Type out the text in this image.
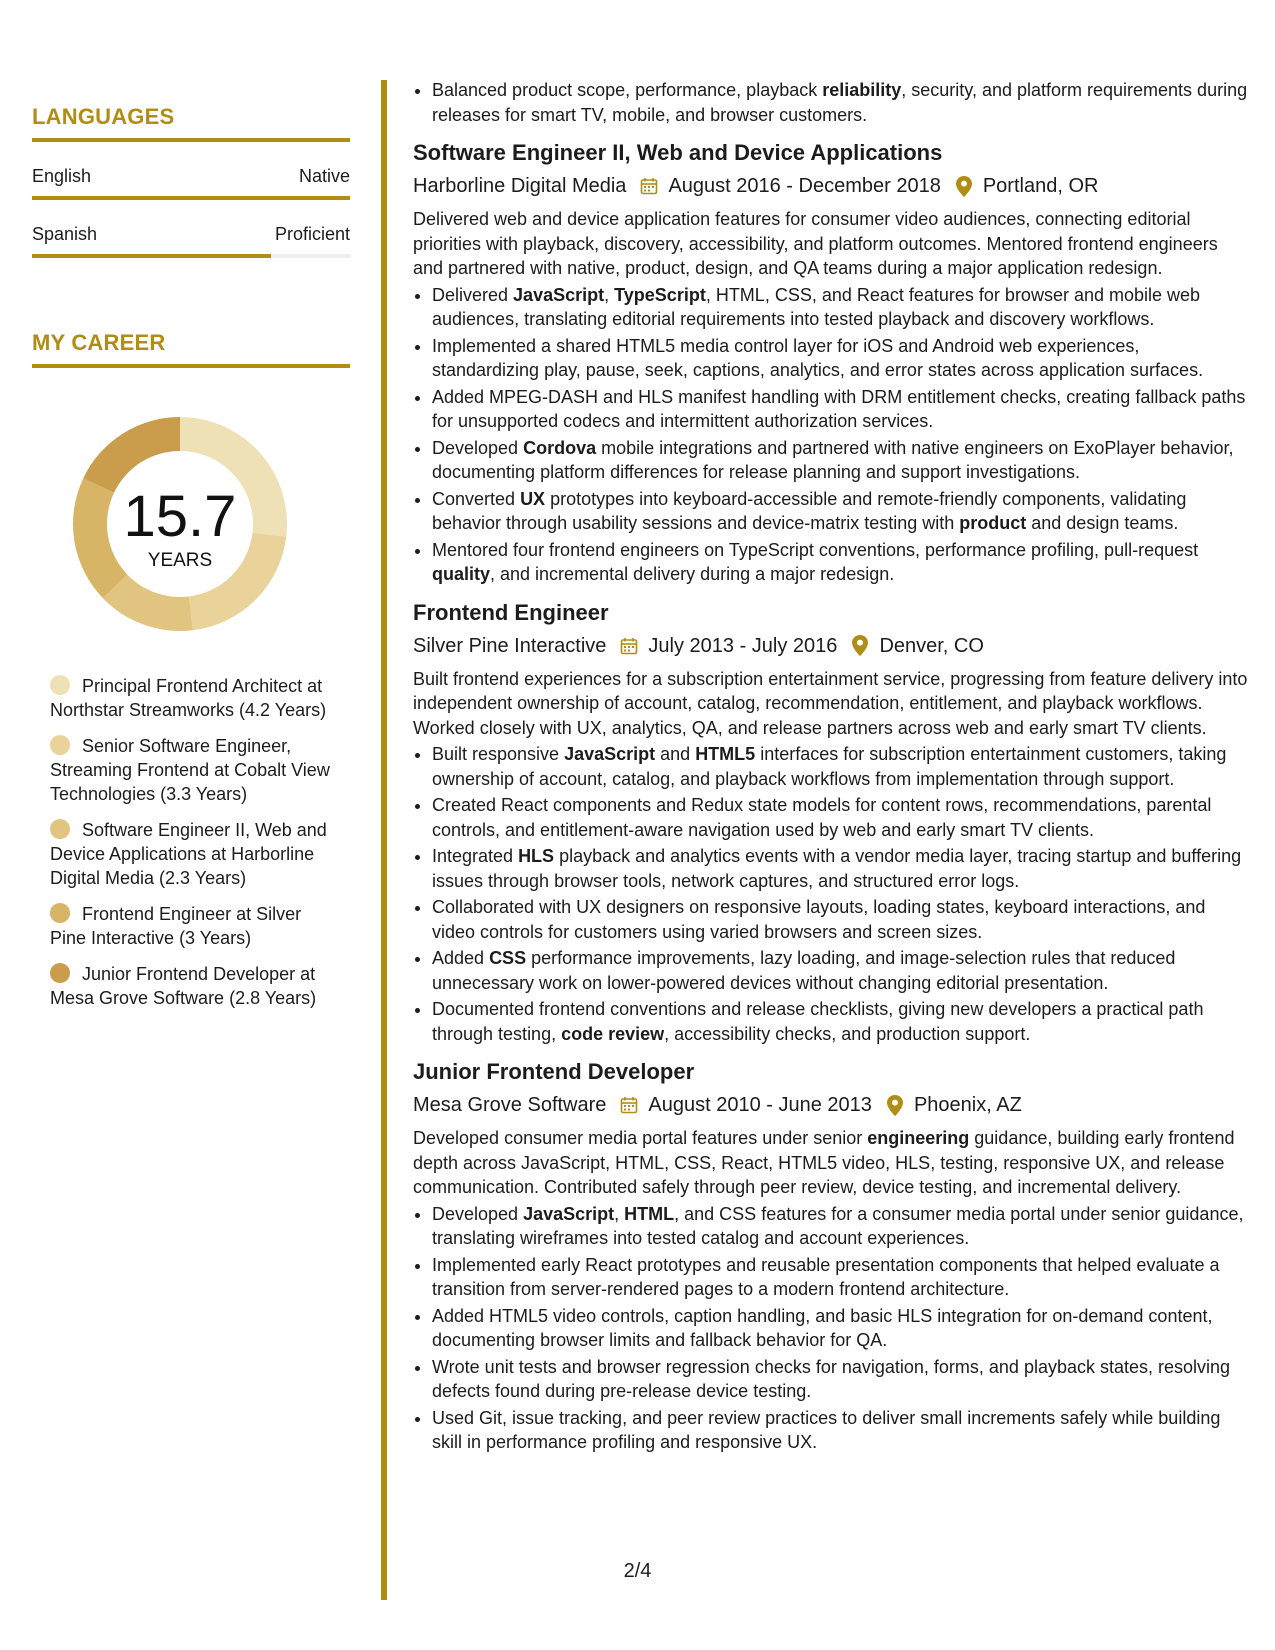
LANGUAGES
English	Native
Spanish	Proficient
MY CAREER
15.7
YEARS
Principal Frontend Architect at Northstar Streamworks (4.2 Years)
Senior Software Engineer, Streaming Frontend at Cobalt View Technologies (3.3 Years)
Software Engineer II, Web and Device Applications at Harborline Digital Media (2.3 Years)
Frontend Engineer at Silver Pine Interactive (3 Years)
Junior Frontend Developer at Mesa Grove Software (2.8 Years)
• Balanced product scope, performance, playback reliability, security, and platform requirements during releases for smart TV, mobile, and browser customers.
Software Engineer II, Web and Device Applications
Harborline Digital Media August 2016 - December 2018 Portland, OR

Delivered web and device application features for consumer video audiences, connecting editorial priorities with playback, discovery, accessibility, and platform outcomes. Mentored frontend engineers and partnered with native, product, design, and QA teams during a major application redesign.

• Delivered JavaScript, TypeScript, HTML, CSS, and React features for browser and mobile web audiences, translating editorial requirements into tested playback and discovery workflows.
• Implemented a shared HTML5 media control layer for iOS and Android web experiences, standardizing play, pause, seek, captions, analytics, and error states across application surfaces.
• Added MPEG-DASH and HLS manifest handling with DRM entitlement checks, creating fallback paths for unsupported codecs and intermittent authorization services.
• Developed Cordova mobile integrations and partnered with native engineers on ExoPlayer behavior, documenting platform differences for release planning and support investigations.
• Converted UX prototypes into keyboard-accessible and remote-friendly components, validating behavior through usability sessions and device-matrix testing with product and design teams.
• Mentored four frontend engineers on TypeScript conventions, performance profiling, pull-request quality, and incremental delivery during a major redesign.
Frontend Engineer
Silver Pine Interactive July 2013 - July 2016 Denver, CO

Built frontend experiences for a subscription entertainment service, progressing from feature delivery into independent ownership of account, catalog, recommendation, entitlement, and playback workflows. Worked closely with UX, analytics, QA, and release partners across web and early smart TV clients.

• Built responsive JavaScript and HTML5 interfaces for subscription entertainment customers, taking ownership of account, catalog, and playback workflows from implementation through support.
• Created React components and Redux state models for content rows, recommendations, parental controls, and entitlement-aware navigation used by web and early smart TV clients.
• Integrated HLS playback and analytics events with a vendor media layer, tracing startup and buffering issues through browser tools, network captures, and structured error logs.
• Collaborated with UX designers on responsive layouts, loading states, keyboard interactions, and video controls for customers using varied browsers and screen sizes.
• Added CSS performance improvements, lazy loading, and image-selection rules that reduced unnecessary work on lower-powered devices without changing editorial presentation.
• Documented frontend conventions and release checklists, giving new developers a practical path through testing, code review, accessibility checks, and production support.
Junior Frontend Developer
Mesa Grove Software August 2010 - June 2013 Phoenix, AZ

Developed consumer media portal features under senior engineering guidance, building early frontend depth across JavaScript, HTML, CSS, React, HTML5 video, HLS, testing, responsive UX, and release communication. Contributed safely through peer review, device testing, and incremental delivery.

• Developed JavaScript, HTML, and CSS features for a consumer media portal under senior guidance, translating wireframes into tested catalog and account experiences.
• Implemented early React prototypes and reusable presentation components that helped evaluate a transition from server-rendered pages to a modern frontend architecture.
• Added HTML5 video controls, caption handling, and basic HLS integration for on-demand content, documenting browser limits and fallback behavior for QA.
• Wrote unit tests and browser regression checks for navigation, forms, and playback states, resolving defects found during pre-release device testing.
• Used Git, issue tracking, and peer review practices to deliver small increments safely while building skill in performance profiling and responsive UX.
2/4
